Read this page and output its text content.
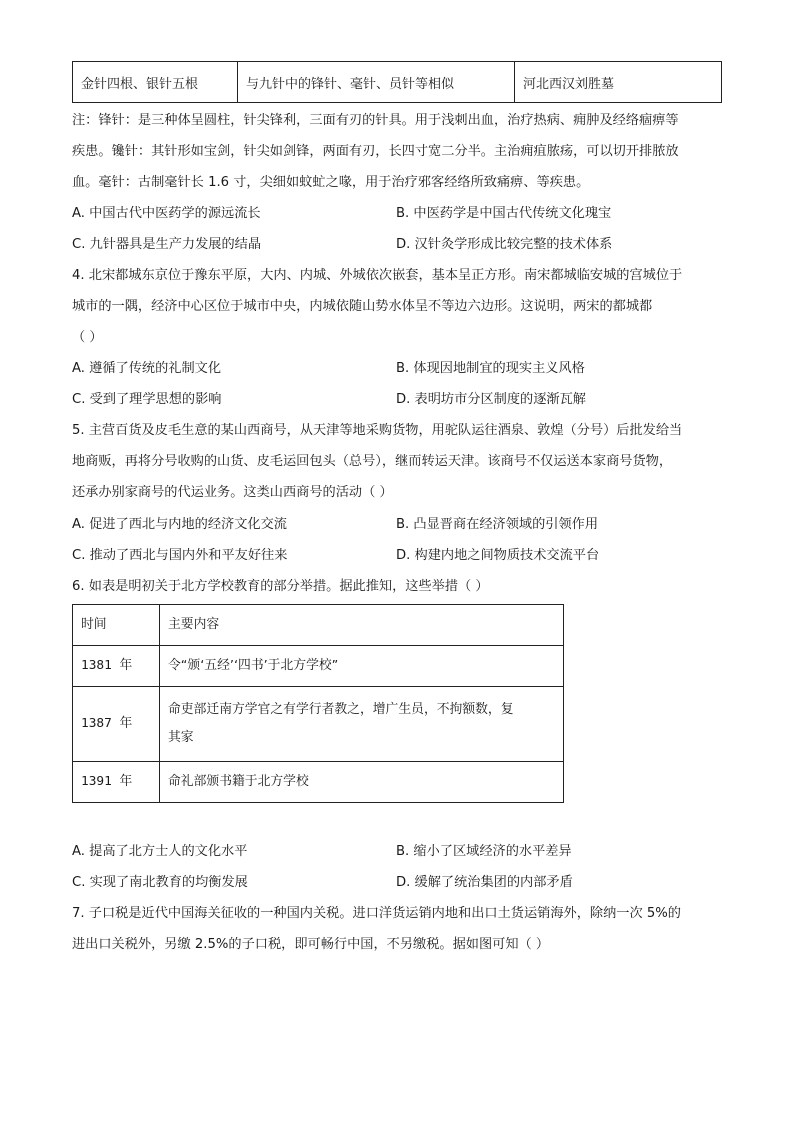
金针四根、银针五根	与九针中的锋针、毫针、员针等相似	河北西汉刘胜墓
注：锋针：是三种体呈圆柱，针尖锋利，三面有刃的针具。用于浅刺出血，治疗热病、痈肿及经络痼痹等
疾患。镵针：其针形如宝剑，针尖如剑锋，两面有刃，长四寸宽二分半。主治痈疽脓疡，可以切开排脓放
血。毫针：古制毫针长 1.6 寸，尖细如蚊虻之喙，用于治疗邪客经络所致痛痹、等疾患。
A. 中国古代中医药学的源远流长	B. 中医药学是中国古代传统文化瑰宝
C. 九针器具是生产力发展的结晶	D. 汉针灸学形成比较完整的技术体系
4. 北宋都城东京位于豫东平原，大内、内城、外城依次嵌套，基本呈正方形。南宋都城临安城的宫城位于
城市的一隅，经济中心区位于城市中央，内城依随山势水体呈不等边六边形。这说明，两宋的都城都
（ ）
A. 遵循了传统的礼制文化	B. 体现因地制宜的现实主义风格
C. 受到了理学思想的影响	D. 表明坊市分区制度的逐渐瓦解
5. 主营百货及皮毛生意的某山西商号，从天津等地采购货物，用驼队运往酒泉、敦煌（分号）后批发给当
地商贩，再将分号收购的山货、皮毛运回包头（总号），继而转运天津。该商号不仅运送本家商号货物，
还承办别家商号的代运业务。这类山西商号的活动（ ）
A. 促进了西北与内地的经济文化交流	B. 凸显晋商在经济领域的引领作用
C. 推动了西北与国内外和平友好往来	D. 构建内地之间物质技术交流平台
6. 如表是明初关于北方学校教育的部分举措。据此推知，这些举措（ ）
时间	主要内容
1381 年	令“颁‘五经’‘四书’于北方学校”
1387 年	命吏部迁南方学官之有学行者教之，增广生员，不拘额数，复
其家

1391 年	命礼部颁书籍于北方学校
A. 提高了北方士人的文化水平	B. 缩小了区域经济的水平差异
C. 实现了南北教育的均衡发展	D. 缓解了统治集团的内部矛盾
7. 子口税是近代中国海关征收的一种国内关税。进口洋货运销内地和出口土货运销海外，除纳一次 5%的
进出口关税外，另缴 2.5%的子口税，即可畅行中国，不另缴税。据如图可知（ ）
